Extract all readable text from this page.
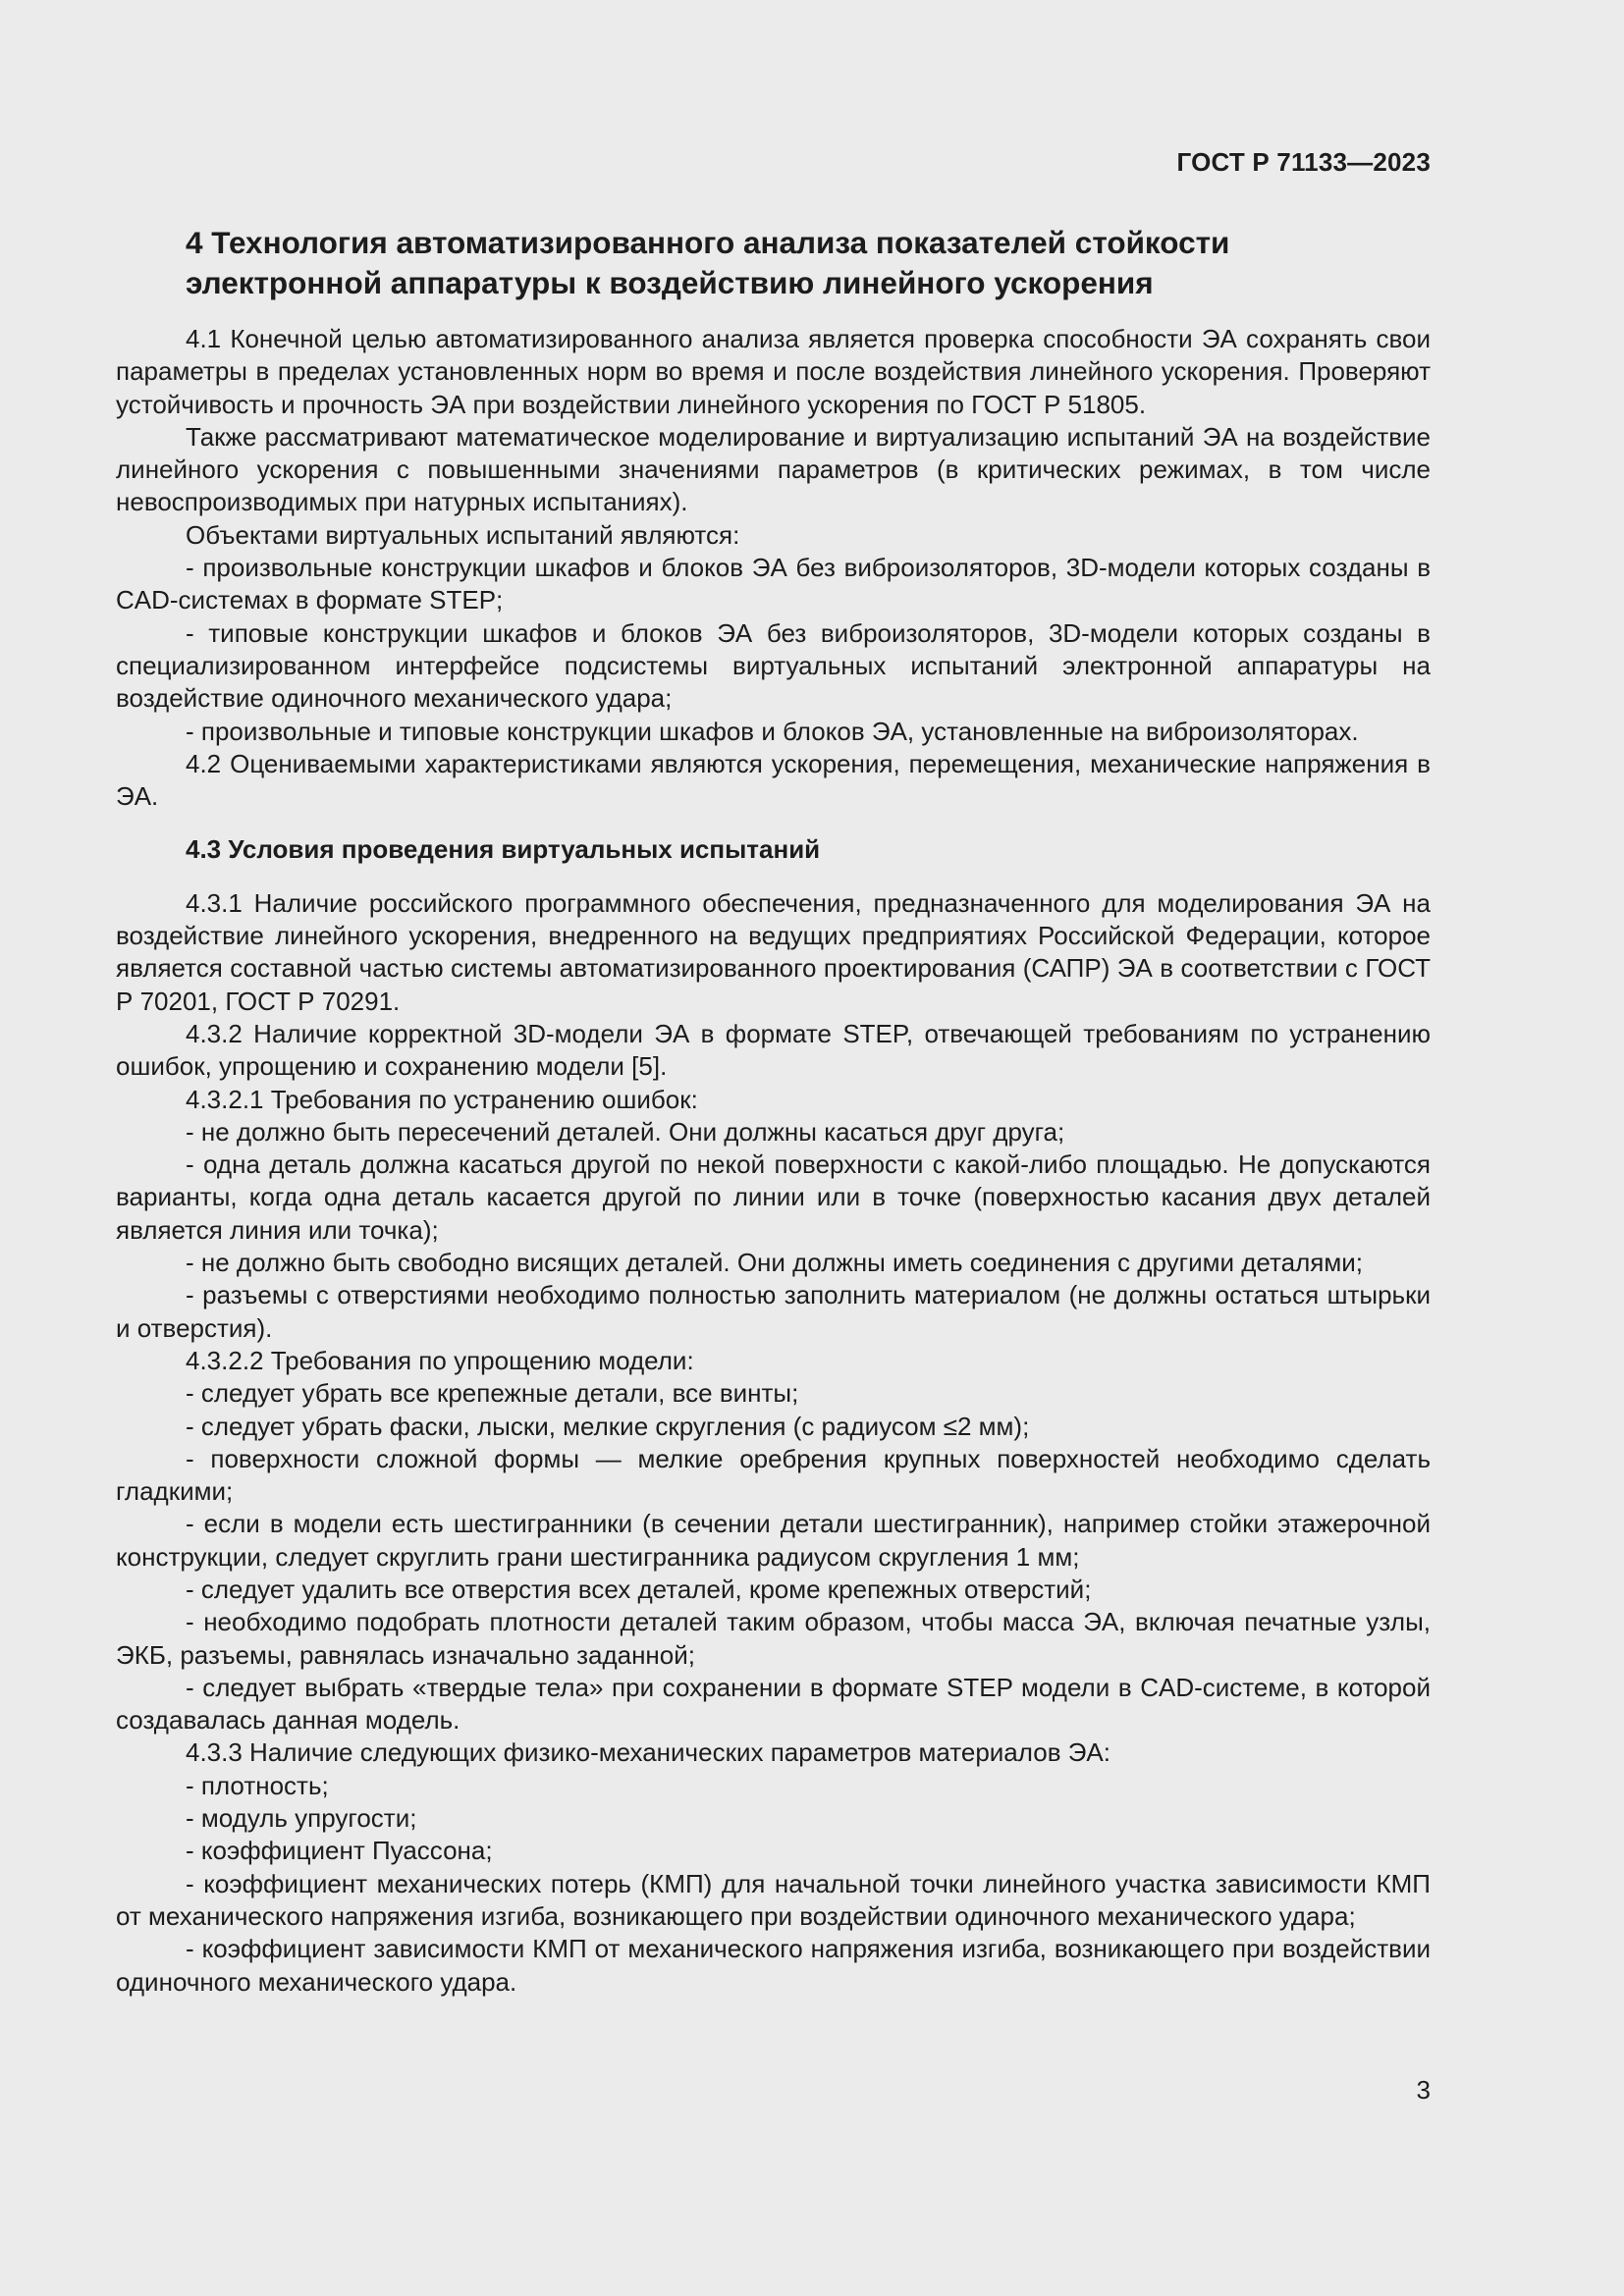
ГОСТ Р 71133—2023
4 Технология автоматизированного анализа показателей стойкости
электронной аппаратуры к воздействию линейного ускорения

4.1 Конечной целью автоматизированного анализа является проверка способности ЭА сохранять свои параметры в пределах установленных норм во время и после воздействия линейного ускорения. Проверяют устойчивость и прочность ЭА при воздействии линейного ускорения по ГОСТ Р 51805.

Также рассматривают математическое моделирование и виртуализацию испытаний ЭА на воздействие линейного ускорения с повышенными значениями параметров (в критических режимах, в том числе невоспроизводимых при натурных испытаниях).

Объектами виртуальных испытаний являются:

- произвольные конструкции шкафов и блоков ЭА без виброизоляторов, 3D-модели которых созданы в CAD-системах в формате STEP;

- типовые конструкции шкафов и блоков ЭА без виброизоляторов, 3D-модели которых созданы в специализированном интерфейсе подсистемы виртуальных испытаний электронной аппаратуры на воздействие одиночного механического удара;

- произвольные и типовые конструкции шкафов и блоков ЭА, установленные на виброизоляторах.

4.2 Оцениваемыми характеристиками являются ускорения, перемещения, механические напряжения в ЭА.

4.3 Условия проведения виртуальных испытаний

4.3.1 Наличие российского программного обеспечения, предназначенного для моделирования ЭА на воздействие линейного ускорения, внедренного на ведущих предприятиях Российской Федерации, которое является составной частью системы автоматизированного проектирования (САПР) ЭА в соответствии с ГОСТ Р 70201, ГОСТ Р 70291.

4.3.2 Наличие корректной 3D-модели ЭА в формате STEP, отвечающей требованиям по устранению ошибок, упрощению и сохранению модели [5].

4.3.2.1 Требования по устранению ошибок:

- не должно быть пересечений деталей. Они должны касаться друг друга;

- одна деталь должна касаться другой по некой поверхности с какой-либо площадью. Не допускаются варианты, когда одна деталь касается другой по линии или в точке (поверхностью касания двух деталей является линия или точка);

- не должно быть свободно висящих деталей. Они должны иметь соединения с другими деталями;

- разъемы с отверстиями необходимо полностью заполнить материалом (не должны остаться штырьки и отверстия).

4.3.2.2 Требования по упрощению модели:

- следует убрать все крепежные детали, все винты;

- следует убрать фаски, лыски, мелкие скругления (с радиусом ≤2 мм);

- поверхности сложной формы — мелкие оребрения крупных поверхностей необходимо сделать гладкими;

- если в модели есть шестигранники (в сечении детали шестигранник), например стойки этажерочной конструкции, следует скруглить грани шестигранника радиусом скругления 1 мм;

- следует удалить все отверстия всех деталей, кроме крепежных отверстий;

- необходимо подобрать плотности деталей таким образом, чтобы масса ЭА, включая печатные узлы, ЭКБ, разъемы, равнялась изначально заданной;

- следует выбрать «твердые тела» при сохранении в формате STEP модели в CAD-системе, в которой создавалась данная модель.

4.3.3 Наличие следующих физико-механических параметров материалов ЭА:

- плотность;

- модуль упругости;

- коэффициент Пуассона;

- коэффициент механических потерь (КМП) для начальной точки линейного участка зависимости КМП от механического напряжения изгиба, возникающего при воздействии одиночного механического удара;

- коэффициент зависимости КМП от механического напряжения изгиба, возникающего при воздействии одиночного механического удара.

3
